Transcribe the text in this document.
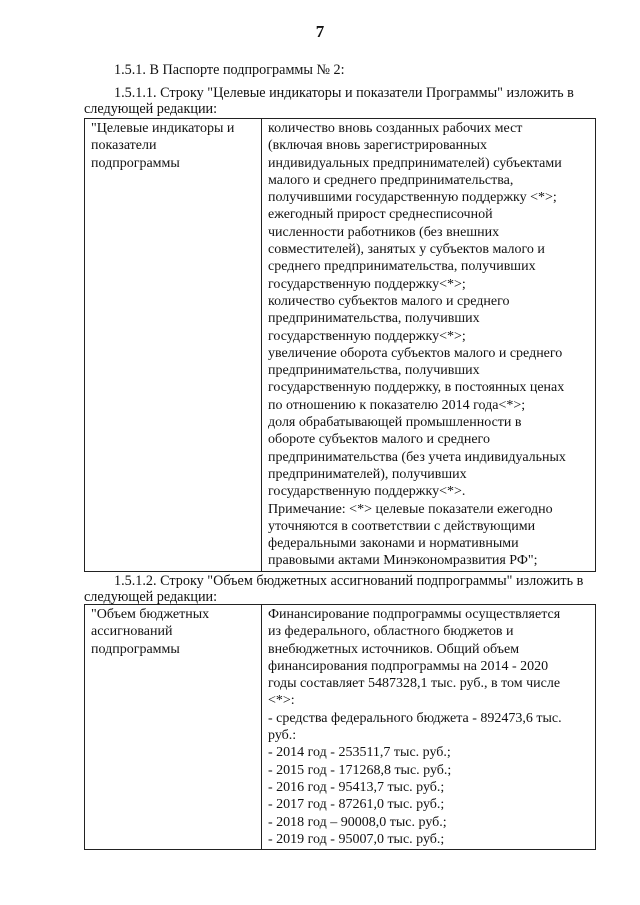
7
1.5.1. В Паспорте подпрограммы № 2:
1.5.1.1. Строку "Целевые индикаторы и показатели Программы" изложить в
следующей редакции:
"Целевые индикаторы и
показатели
подпрограммы

количество вновь созданных рабочих мест
(включая вновь зарегистрированных
индивидуальных предпринимателей) субъектами
малого и среднего предпринимательства,
получившими государственную поддержку <*>;
ежегодный прирост среднесписочной
численности работников (без внешних
совместителей), занятых у субъектов малого и
среднего предпринимательства, получивших
государственную поддержку<*>;
количество субъектов малого и среднего
предпринимательства, получивших
государственную поддержку<*>;
увеличение оборота субъектов малого и среднего
предпринимательства, получивших
государственную поддержку, в постоянных ценах
по отношению к показателю 2014 года<*>;
доля обрабатывающей промышленности в
обороте субъектов малого и среднего
предпринимательства (без учета индивидуальных
предпринимателей), получивших
государственную поддержку<*>.
Примечание: <*> целевые показатели ежегодно
уточняются в соответствии с действующими
федеральными законами и нормативными
правовыми актами Минэкономразвития РФ";
1.5.1.2. Строку "Объем бюджетных ассигнований подпрограммы" изложить в
следующей редакции:
"Объем бюджетных
ассигнований
подпрограммы

Финансирование подпрограммы осуществляется
из федерального, областного бюджетов и
внебюджетных источников. Общий объем
финансирования подпрограммы на 2014 - 2020
годы составляет 5487328,1 тыс. руб., в том числе
<*>:
- средства федерального бюджета - 892473,6 тыс.
руб.:
- 2014 год - 253511,7 тыс. руб.;
- 2015 год - 171268,8 тыс. руб.;
- 2016 год - 95413,7 тыс. руб.;
- 2017 год - 87261,0 тыс. руб.;
- 2018 год – 90008,0 тыс. руб.;
- 2019 год - 95007,0 тыс. руб.;
